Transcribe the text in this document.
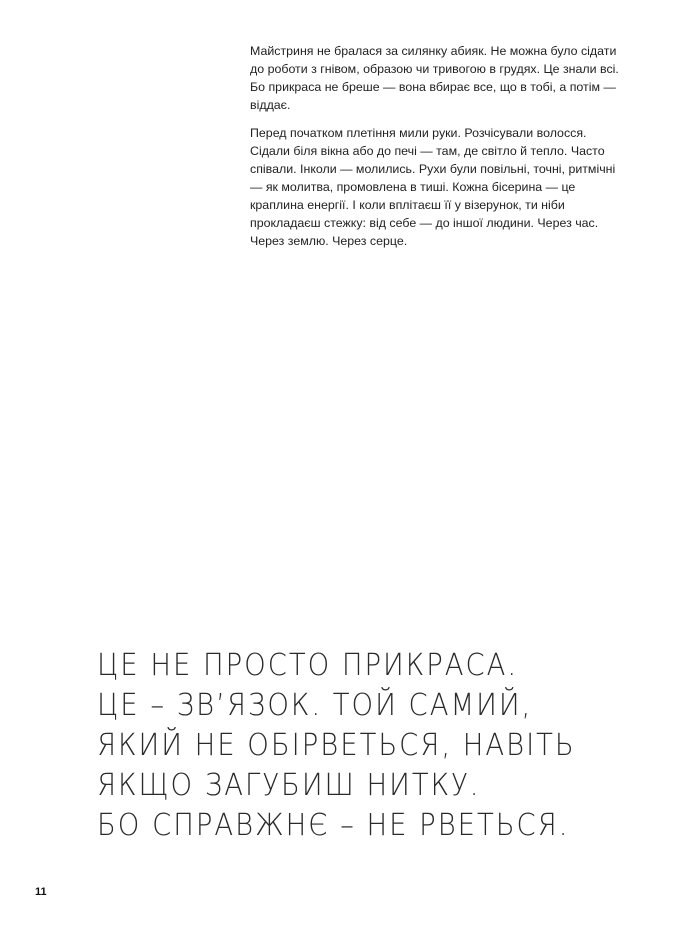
Майстриня не бралася за силянку абияк. Не можна було сідати до роботи з гнівом, образою чи тривогою в грудях. Це знали всі. Бо прикраса не бреше — вона вбирає все, що в тобі, а потім — віддає.

Перед початком плетіння мили руки. Розчісували волосся. Сідали біля вікна або до печі — там, де світло й тепло. Часто співали. Інколи — молились. Рухи були повільні, точні, ритмічні — як молитва, промовлена в тиші. Кожна бісерина — це краплина енергії. І коли вплітаєш її у візерунок, ти ніби прокладаєш стежку: від себе — до іншої людини. Через час. Через землю. Через серце.

ЦЕ НЕ ПРОСТО ПРИКРАСА.
ЦЕ – ЗВ’ЯЗОК. ТОЙ САМИЙ,
ЯКИЙ НЕ ОБІРВЕТЬСЯ, НАВІТЬ
ЯКЩО ЗАГУБИШ НИТКУ.
БО СПРАВЖНЄ – НЕ РВЕТЬСЯ.
11
